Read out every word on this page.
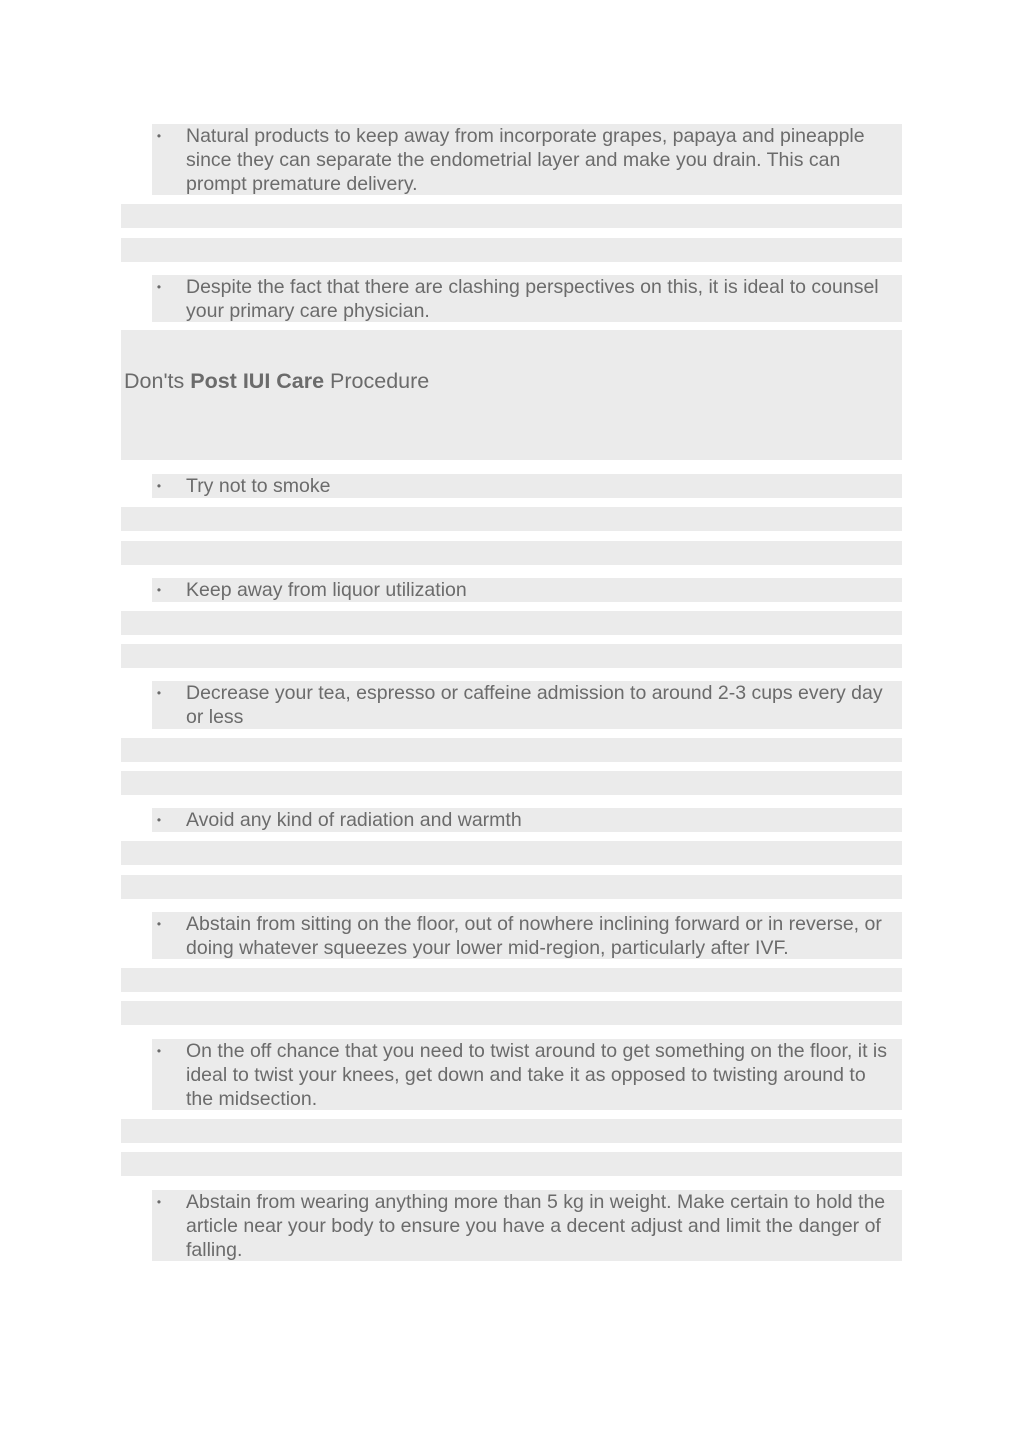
• Natural products to keep away from incorporate grapes, papaya and pineapple since they can separate the endometrial layer and make you drain. This can prompt premature delivery.
• Despite the fact that there are clashing perspectives on this, it is ideal to counsel your primary care physician.
Don'ts Post IUI Care Procedure
• Try not to smoke
• Keep away from liquor utilization
• Decrease your tea, espresso or caffeine admission to around 2-3 cups every day or less
• Avoid any kind of radiation and warmth
• Abstain from sitting on the floor, out of nowhere inclining forward or in reverse, or doing whatever squeezes your lower mid-region, particularly after IVF.
• On the off chance that you need to twist around to get something on the floor, it is ideal to twist your knees, get down and take it as opposed to twisting around to the midsection.
• Abstain from wearing anything more than 5 kg in weight. Make certain to hold the article near your body to ensure you have a decent adjust and limit the danger of falling.
